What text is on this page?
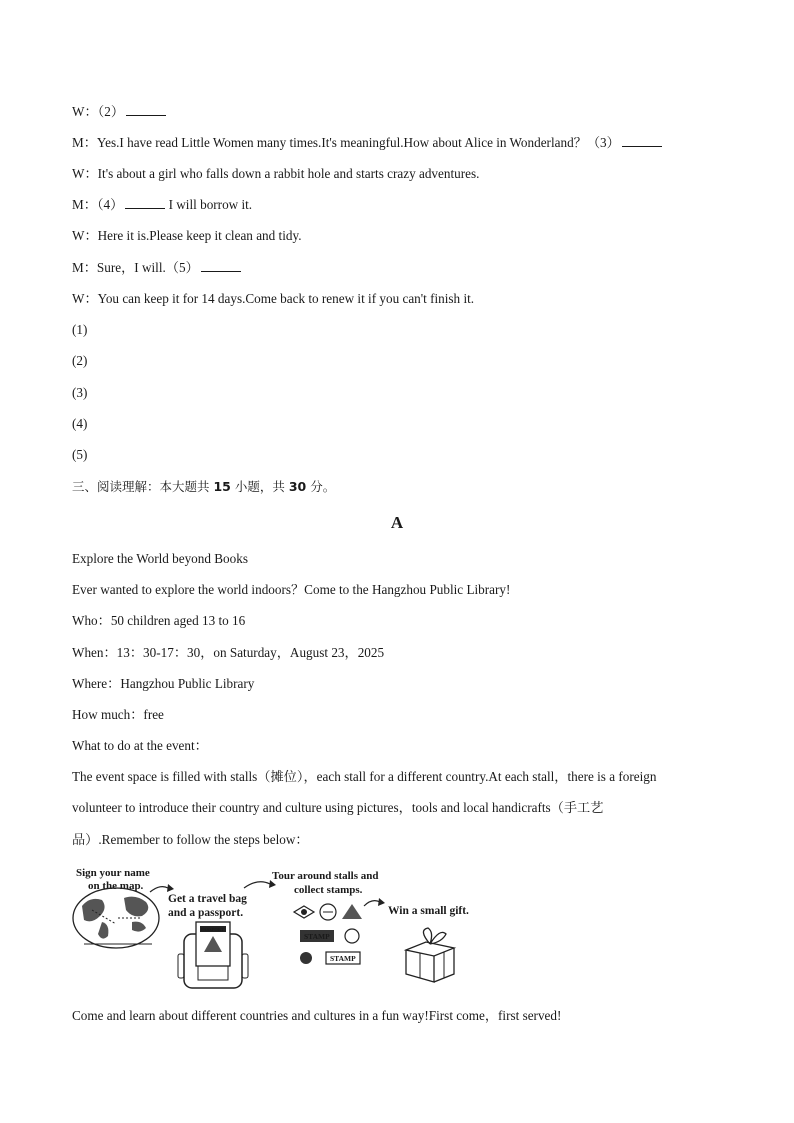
W：（2）
M：Yes.I have read Little Women many times.It's meaningful.How about Alice in Wonderland？（3）
W：It's about a girl who falls down a rabbit hole and starts crazy adventures.
M：（4）	I will borrow it.
W：Here it is.Please keep it clean and tidy.
M：Sure，I will.（5）
W：You can keep it for 14 days.Come back to renew it if you can't finish it.
(1)
(2)
(3)
(4)
(5)
三、阅读理解：本大题共 15 小题，共 30 分。
A
Explore the World beyond Books
Ever wanted to explore the world indoors？Come to the Hangzhou Public Library!
Who：50 children aged 13 to 16
When：13：30-17：30，on Saturday，August 23，2025
Where：Hangzhou Public Library
How much：free
What to do at the event：
The event space is filled with stalls（摊位），each stall for a different country.At each stall，there is a foreign
volunteer to introduce their country and culture using pictures，tools and local handicrafts（手工艺
品）.Remember to follow the steps below：
Sign your name
on the map.
Get a travel bag
and a passport.
PASSPORT
Tour around stalls and
collect stamps.
STAMP
STAMP
Win a small gift.
Come and learn about different countries and cultures in a fun way!First come，first served!
